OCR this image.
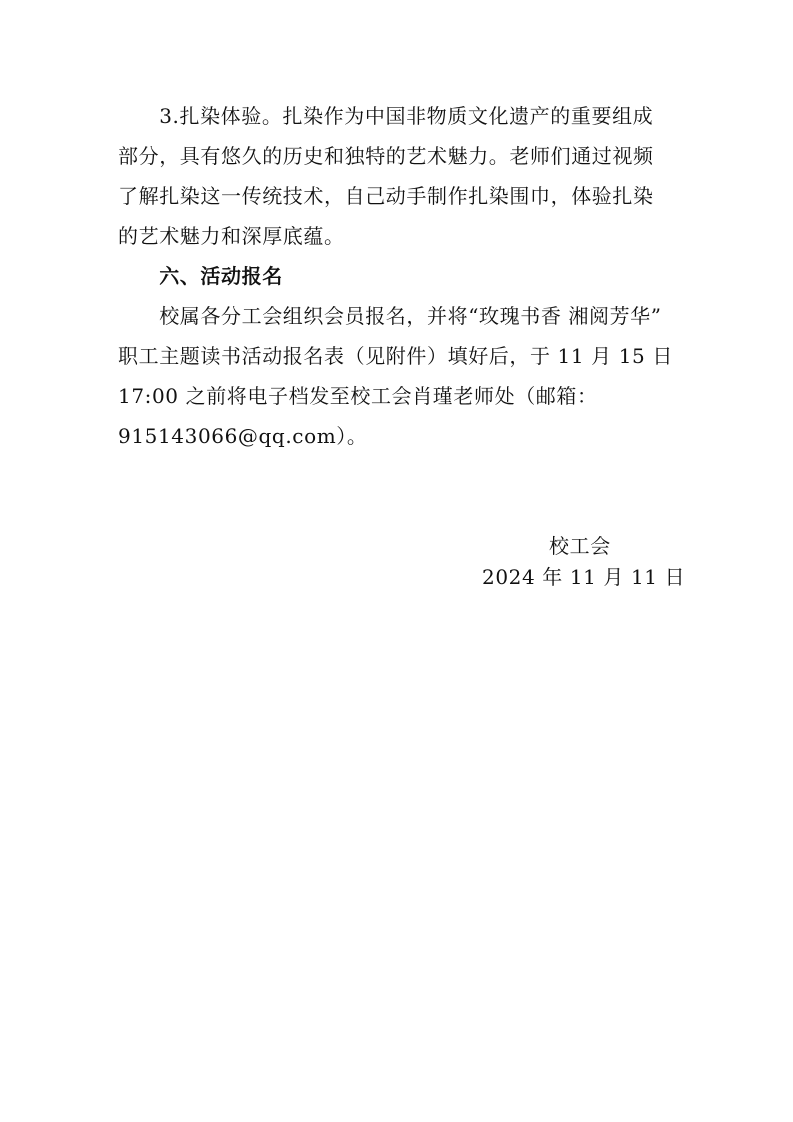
　　3.扎染体验。扎染作为中国非物质文化遗产的重要组成
部分，具有悠久的历史和独特的艺术魅力。老师们通过视频
了解扎染这一传统技术，自己动手制作扎染围巾，体验扎染
的艺术魅力和深厚底蕴。
　　六、活动报名
　　校属各分工会组织会员报名，并将“玫瑰书香 湘阅芳华”
职工主题读书活动报名表（见附件）填好后，于 11 月 15 日
17:00 之前将电子档发至校工会肖瑾老师处（邮箱：
915143066@qq.com）。
校工会
2024 年 11 月 11 日
